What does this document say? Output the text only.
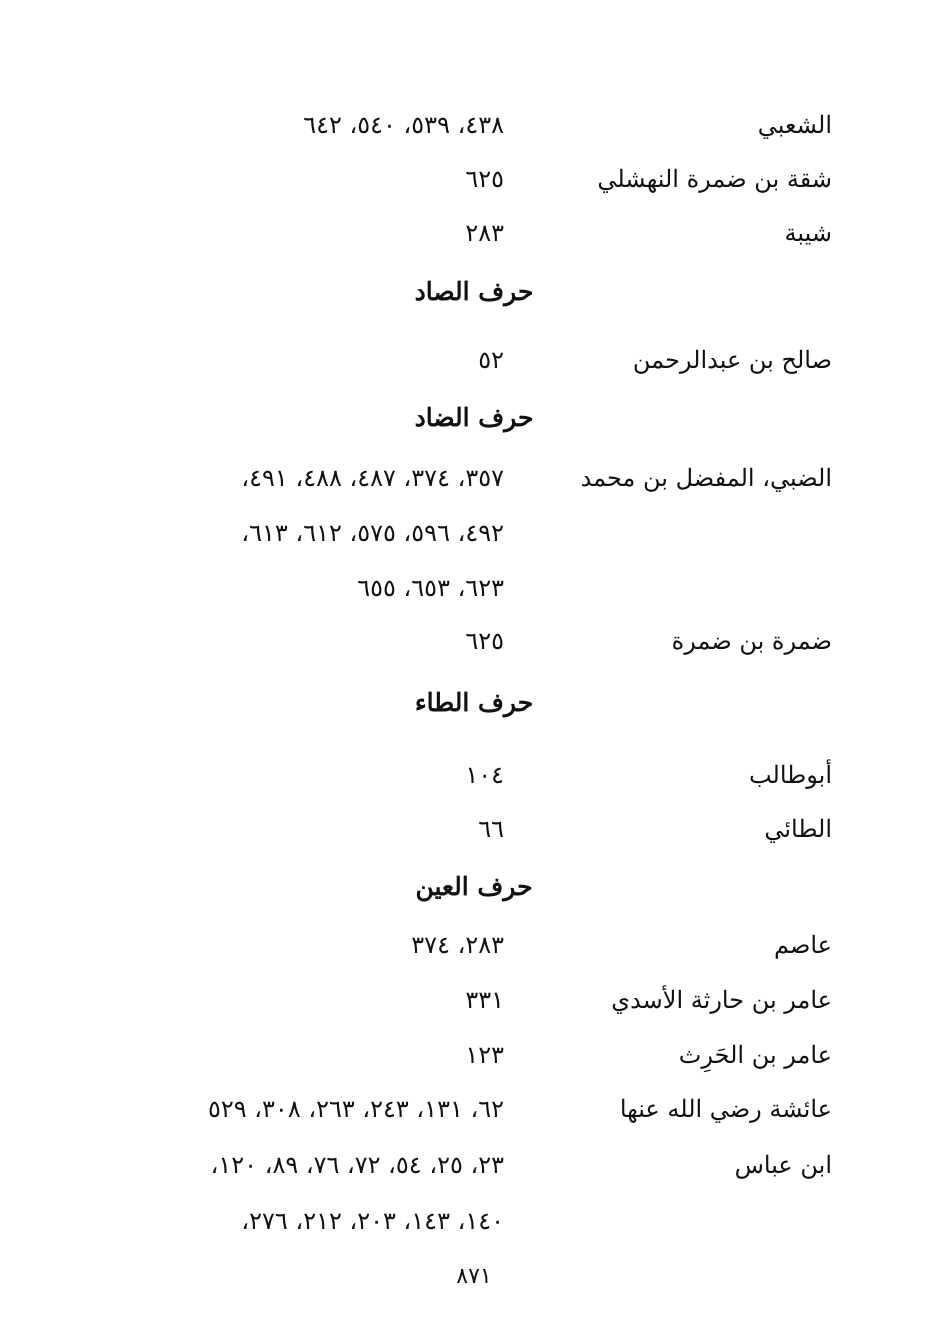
الشعبي
٤٣٨، ٥٣٩، ٥٤٠، ٦٤٢
شقة بن ضمرة النهشلي
٦٢٥
شيبة
٢٨٣
حرف الصاد
صالح بن عبدالرحمن
٥٢
حرف الضاد
الضبي، المفضل بن محمد
٣٥٧، ٣٧٤، ٤٨٧، ٤٨٨، ٤٩١،
٤٩٢، ٥٩٦، ٥٧٥، ٦١٢، ٦١٣،
٦٢٣، ٦٥٣، ٦٥٥
ضمرة بن ضمرة
٦٢٥
حرف الطاء
أبوطالب
١٠٤
الطائي
٦٦
حرف العين
عاصم
٢٨٣، ٣٧٤
عامر بن حارثة الأسدي
٣٣١
عامر بن الحَرِث
١٢٣
عائشة رضي الله عنها
٦٢، ١٣١، ٢٤٣، ٢٦٣، ٣٠٨، ٥٢٩
ابن عباس
٢٣، ٢٥، ٥٤، ٧٢، ٧٦، ٨٩، ١٢٠،
١٤٠، ١٤٣، ٢٠٣، ٢١٢، ٢٧٦،
٨٧١
